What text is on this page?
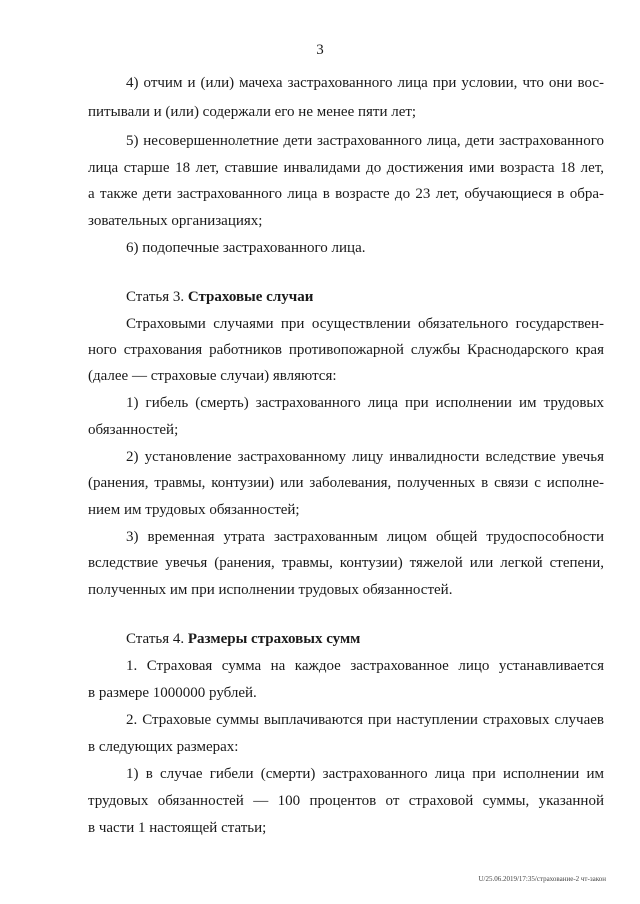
3
4) отчим и (или) мачеха застрахованного лица при условии, что они вос-
питывали и (или) содержали его не менее пяти лет;
5) несовершеннолетние дети застрахованного лица, дети застрахованного
лица старше 18 лет, ставшие инвалидами до достижения ими возраста 18 лет,
а также дети застрахованного лица в возрасте до 23 лет, обучающиеся в обра-
зовательных организациях;
6) подопечные застрахованного лица.
Статья 3. Страховые случаи
Страховыми случаями при осуществлении обязательного государствен-
ного страхования работников противопожарной службы Краснодарского края
(далее — страховые случаи) являются:
1) гибель (смерть) застрахованного лица при исполнении им трудовых
обязанностей;
2) установление застрахованному лицу инвалидности вследствие увечья
(ранения, травмы, контузии) или заболевания, полученных в связи с исполне-
нием им трудовых обязанностей;
3) временная утрата застрахованным лицом общей трудоспособности
вследствие увечья (ранения, травмы, контузии) тяжелой или легкой степени,
полученных им при исполнении трудовых обязанностей.
Статья 4. Размеры страховых сумм
1. Страховая сумма на каждое застрахованное лицо устанавливается
в размере 1000000 рублей.
2. Страховые суммы выплачиваются при наступлении страховых случаев
в следующих размерах:
1) в случае гибели (смерти) застрахованного лица при исполнении им
трудовых обязанностей — 100 процентов от страховой суммы, указанной
в части 1 настоящей статьи;
U/25.06.2019/17:35/страхование-2 чт-закон
